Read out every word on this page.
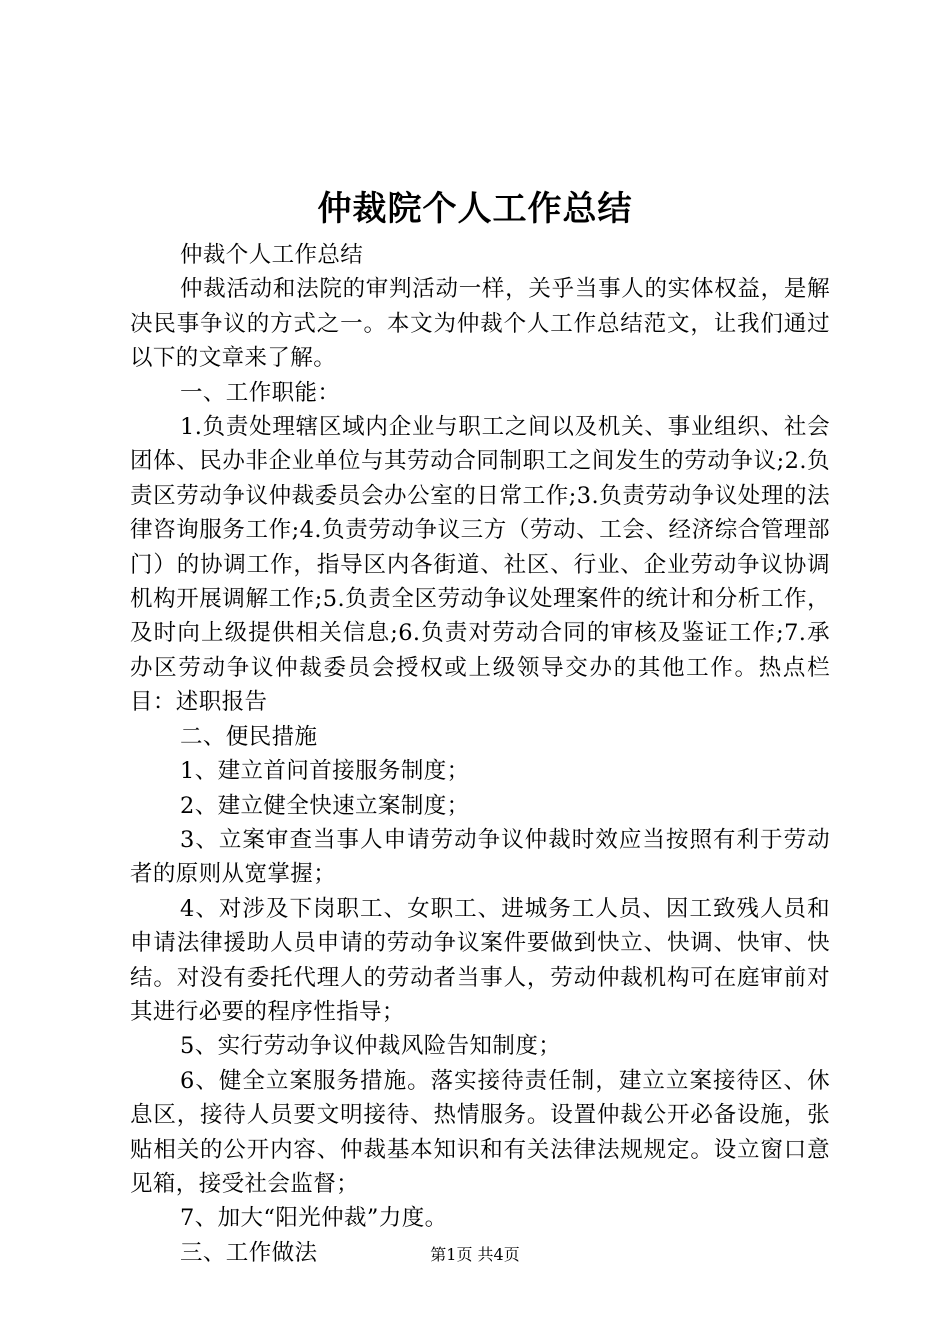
仲裁院个人工作总结

仲裁个人工作总结

仲裁活动和法院的审判活动一样，关乎当事人的实体权益，是解决民事争议的方式之一。本文为仲裁个人工作总结范文，让我们通过以下的文章来了解。

一、工作职能：

1.负责处理辖区域内企业与职工之间以及机关、事业组织、社会团体、民办非企业单位与其劳动合同制职工之间发生的劳动争议;2.负责区劳动争议仲裁委员会办公室的日常工作;3.负责劳动争议处理的法律咨询服务工作;4.负责劳动争议三方（劳动、工会、经济综合管理部门）的协调工作，指导区内各街道、社区、行业、企业劳动争议协调机构开展调解工作;5.负责全区劳动争议处理案件的统计和分析工作，及时向上级提供相关信息;6.负责对劳动合同的审核及鉴证工作;7.承办区劳动争议仲裁委员会授权或上级领导交办的其他工作。热点栏目：述职报告

二、便民措施

1、建立首问首接服务制度；

2、建立健全快速立案制度；

3、立案审查当事人申请劳动争议仲裁时效应当按照有利于劳动者的原则从宽掌握；

4、对涉及下岗职工、女职工、进城务工人员、因工致残人员和申请法律援助人员申请的劳动争议案件要做到快立、快调、快审、快结。对没有委托代理人的劳动者当事人，劳动仲裁机构可在庭审前对其进行必要的程序性指导；

5、实行劳动争议仲裁风险告知制度；

6、健全立案服务措施。落实接待责任制，建立立案接待区、休息区，接待人员要文明接待、热情服务。设置仲裁公开必备设施，张贴相关的公开内容、仲裁基本知识和有关法律法规规定。设立窗口意见箱，接受社会监督；

7、加大“阳光仲裁”力度。

三、工作做法	第1页 共4页
